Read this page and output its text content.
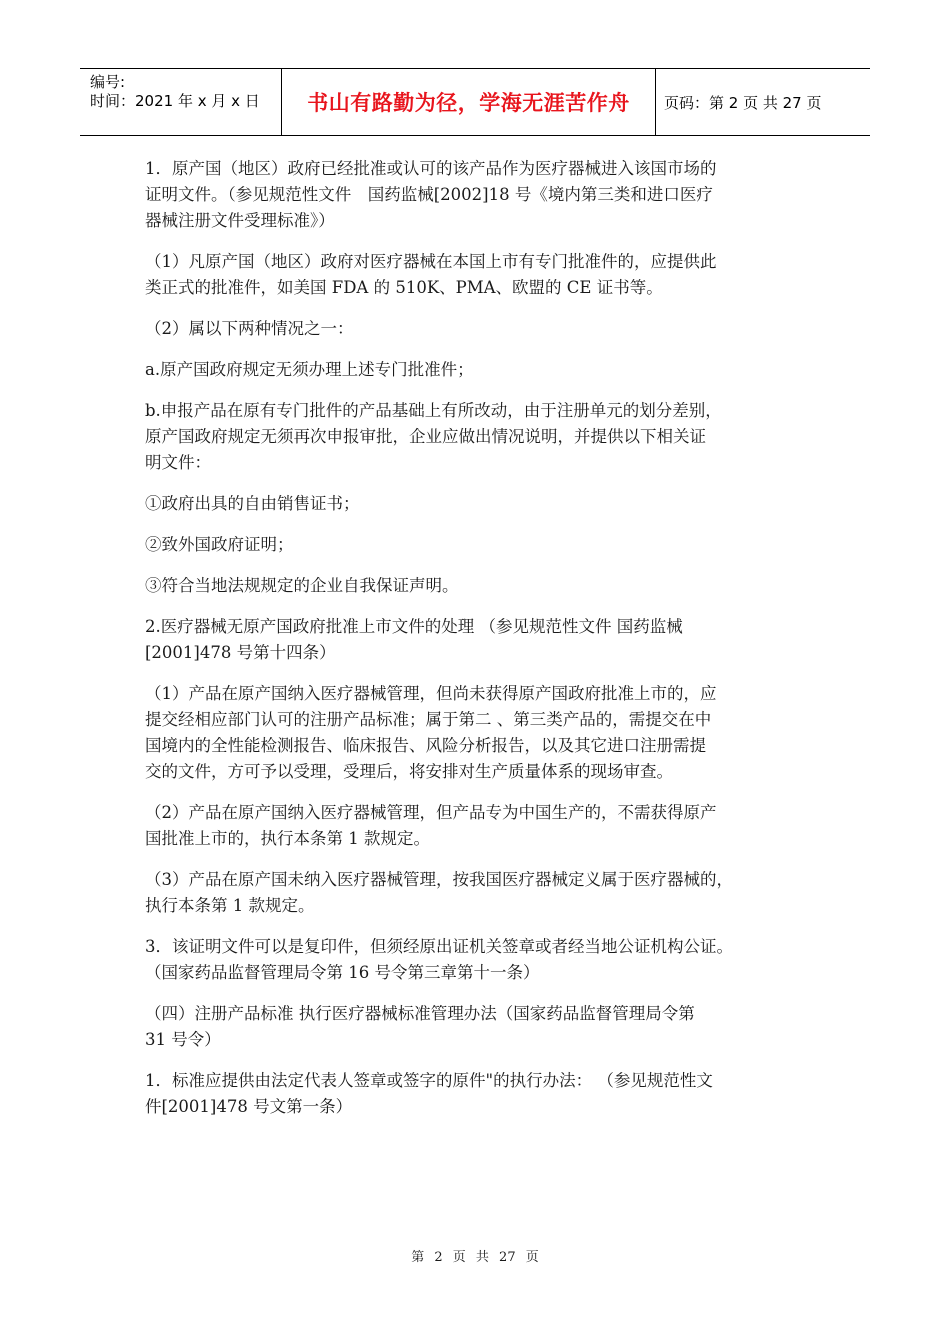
编号:
时间：2021 年 x 月 x 日	书山有路勤为径，学海无涯苦作舟 页码：第 2 页 共 27 页

1．原产国（地区）政府已经批准或认可的该产品作为医疗器械进入该国市场的
证明文件。（参见规范性文件　国药监械[2002]18 号《境内第三类和进口医疗
器械注册文件受理标准》）

（1）凡原产国（地区）政府对医疗器械在本国上市有专门批准件的，应提供此
类正式的批准件，如美国 FDA 的 510K、PMA、欧盟的 CE 证书等。

（2）属以下两种情况之一：

a.原产国政府规定无须办理上述专门批准件；

b.申报产品在原有专门批件的产品基础上有所改动，由于注册单元的划分差别，
原产国政府规定无须再次申报审批，企业应做出情况说明，并提供以下相关证
明文件：

①政府出具的自由销售证书；

②致外国政府证明；

③符合当地法规规定的企业自我保证声明。

2.医疗器械无原产国政府批准上市文件的处理 （参见规范性文件 国药监械
[2001]478 号第十四条）

（1）产品在原产国纳入医疗器械管理，但尚未获得原产国政府批准上市的，应
提交经相应部门认可的注册产品标准；属于第二 、第三类产品的，需提交在中
国境内的全性能检测报告、临床报告、风险分析报告，以及其它进口注册需提
交的文件，方可予以受理，受理后，将安排对生产质量体系的现场审查。

（2）产品在原产国纳入医疗器械管理，但产品专为中国生产的，不需获得原产
国批准上市的，执行本条第 1 款规定。

（3）产品在原产国未纳入医疗器械管理，按我国医疗器械定义属于医疗器械的，
执行本条第 1 款规定。

3．该证明文件可以是复印件，但须经原出证机关签章或者经当地公证机构公证。
（国家药品监督管理局令第 16 号令第三章第十一条）

（四）注册产品标准 执行医疗器械标准管理办法（国家药品监督管理局令第
31 号令）

1．标准应提供由法定代表人签章或签字的原件"的执行办法： （参见规范性文
件[2001]478 号文第一条）

第 2 页 共 27 页
